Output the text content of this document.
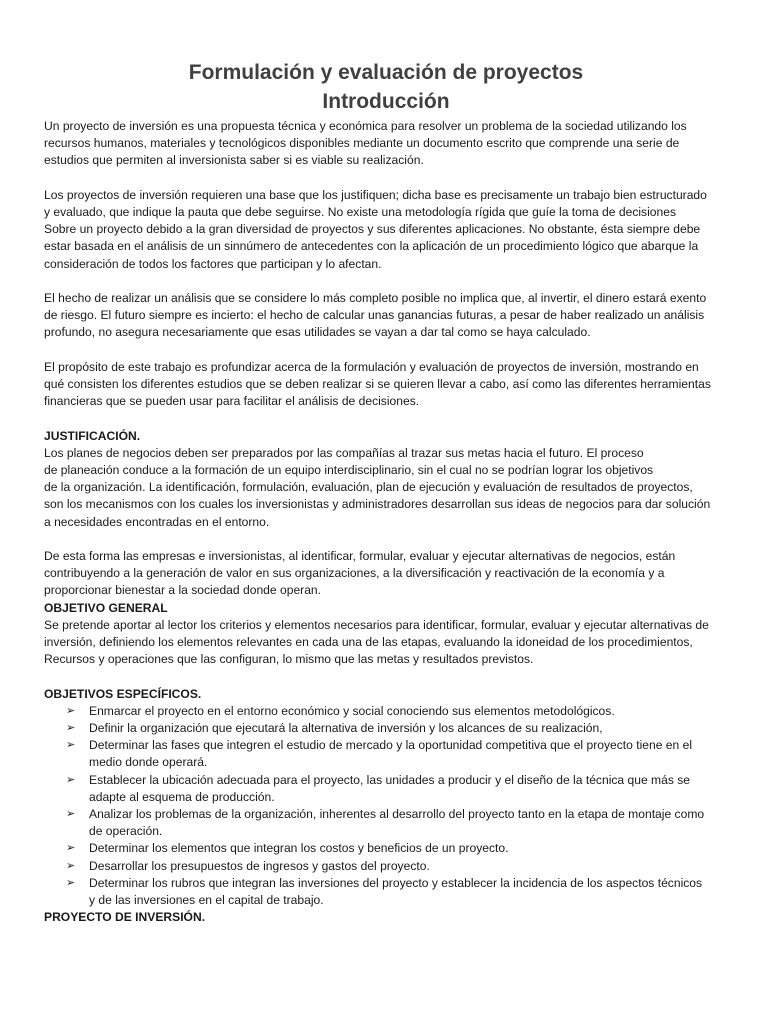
Formulación y evaluación de proyectos
Introducción
Un proyecto de inversión es una propuesta técnica y económica para resolver un problema de la sociedad utilizando los
recursos humanos, materiales y tecnológicos disponibles mediante un documento escrito que comprende una serie de
estudios que permiten al inversionista saber si es viable su realización.
Los proyectos de inversión requieren una base que los justifiquen; dicha base es precisamente un trabajo bien estructurado
y evaluado, que indique la pauta que debe seguirse. No existe una metodología rígida que guíe la toma de decisiones
Sobre un proyecto debido a la gran diversidad de proyectos y sus diferentes aplicaciones. No obstante, ésta siempre debe
estar basada en el análisis de un sinnúmero de antecedentes con la aplicación de un procedimiento lógico que abarque la
consideración de todos los factores que participan y lo afectan.
El hecho de realizar un análisis que se considere lo más completo posible no implica que, al invertir, el dinero estará exento
de riesgo. El futuro siempre es incierto: el hecho de calcular unas ganancias futuras, a pesar de haber realizado un análisis
profundo, no asegura necesariamente que esas utilidades se vayan a dar tal como se haya calculado.
El propósito de este trabajo es profundizar acerca de la formulación y evaluación de proyectos de inversión, mostrando en
qué consisten los diferentes estudios que se deben realizar si se quieren llevar a cabo, así como las diferentes herramientas
financieras que se pueden usar para facilitar el análisis de decisiones.
JUSTIFICACIÓN.
Los planes de negocios deben ser preparados por las compañías al trazar sus metas hacia el futuro. El proceso
de planeación conduce a la formación de un equipo interdisciplinario, sin el cual no se podrían lograr los objetivos
de la organización. La identificación, formulación, evaluación, plan de ejecución y evaluación de resultados de proyectos,
son los mecanismos con los cuales los inversionistas y administradores desarrollan sus ideas de negocios para dar solución
a necesidades encontradas en el entorno.
De esta forma las empresas e inversionistas, al identificar, formular, evaluar y ejecutar alternativas de negocios, están
contribuyendo a la generación de valor en sus organizaciones, a la diversificación y reactivación de la economía y a
proporcionar bienestar a la sociedad donde operan.
OBJETIVO GENERAL
Se pretende aportar al lector los criterios y elementos necesarios para identificar, formular, evaluar y ejecutar alternativas de
inversión, definiendo los elementos relevantes en cada una de las etapas, evaluando la idoneidad de los procedimientos,
Recursos y operaciones que las configuran, lo mismo que las metas y resultados previstos.
OBJETIVOS ESPECÍFICOS.
➢ Enmarcar el proyecto en el entorno económico y social conociendo sus elementos metodológicos.
➢ Definir la organización que ejecutará la alternativa de inversión y los alcances de su realización,
➢ Determinar las fases que integren el estudio de mercado y la oportunidad competitiva que el proyecto tiene en el
medio donde operará.
➢ Establecer la ubicación adecuada para el proyecto, las unidades a producir y el diseño de la técnica que más se
adapte al esquema de producción.
➢ Analizar los problemas de la organización, inherentes al desarrollo del proyecto tanto en la etapa de montaje como
de operación.
➢ Determinar los elementos que integran los costos y beneficios de un proyecto.
➢ Desarrollar los presupuestos de ingresos y gastos del proyecto.
➢ Determinar los rubros que integran las inversiones del proyecto y establecer la incidencia de los aspectos técnicos
y de las inversiones en el capital de trabajo.
PROYECTO DE INVERSIÓN.
